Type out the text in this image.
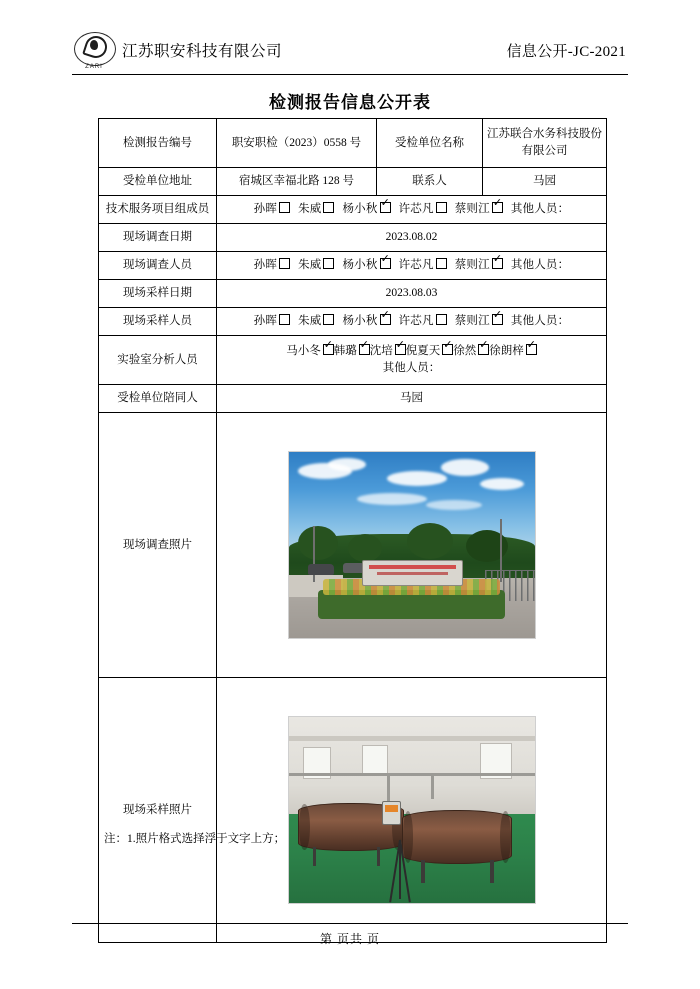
ZARI
江苏职安科技有限公司	信息公开-JC-2021
检测报告信息公开表
检测报告编号	职安职检（2023）0558 号	受检单位名称	江苏联合水务科技股份有限公司
受检单位地址	宿城区幸福北路 128 号	联系人	马园
技术服务项目组成员	孙晖 朱威 杨小秋 ✓ 许芯凡 蔡则江 ✓ 其他人员：
现场调查日期	2023.08.02		
现场调查人员	孙晖 朱威 杨小秋 ✓ 许芯凡 蔡则江 ✓ 其他人员：
现场采样日期	2023.08.03		
现场采样人员	孙晖 朱威 杨小秋 ✓ 许芯凡 蔡则江 ✓ 其他人员：
实验室分析人员	马小冬 ✓ 韩璐 ✓ 沈培 ✓ 倪夏天 ✓ 徐然 ✓ 徐朗梓✓
其他人员：

受检单位陪同人	马园		
现场调查照片			

现场采样照片			
注：1.照片格式选择浮于文字上方；
第 页共 页
